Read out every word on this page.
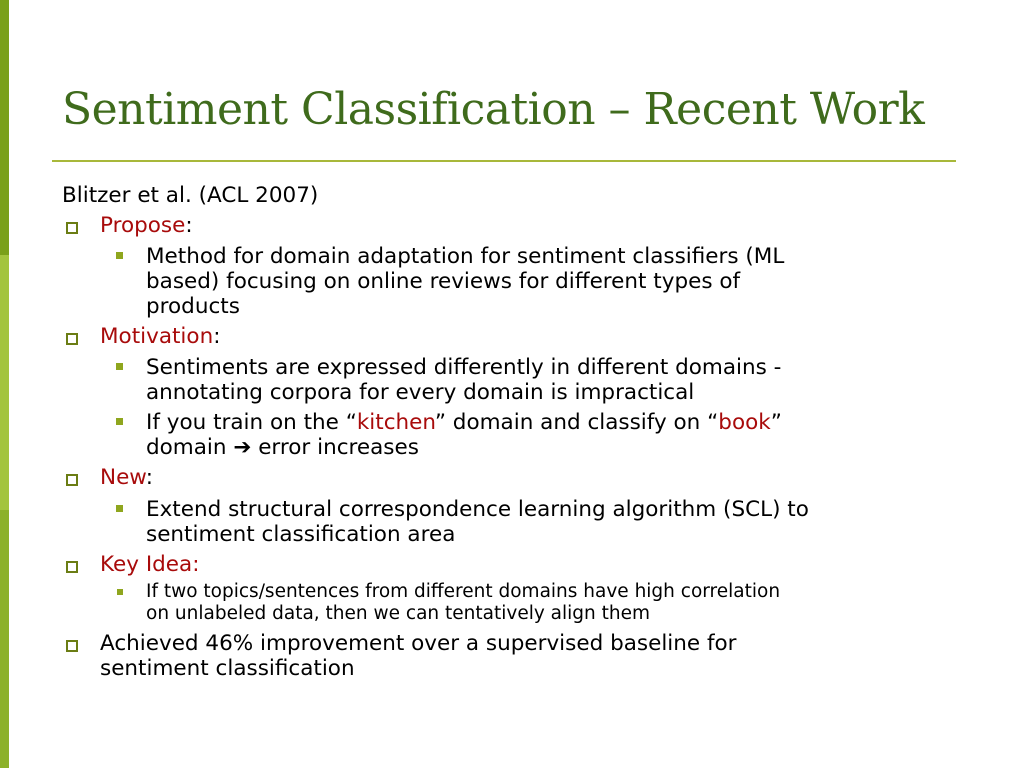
Sentiment Classification – Recent Work
Blitzer et al. (ACL 2007)
Propose:
Method for domain adaptation for sentiment classifiers (ML
based) focusing on online reviews for different types of
products
Motivation:
Sentiments are expressed differently in different domains -
annotating corpora for every domain is impractical
If you train on the “kitchen” domain and classify on “book”
domain ➔ error increases
New:
Extend structural correspondence learning algorithm (SCL) to
sentiment classification area
Key Idea:
If two topics/sentences from different domains have high correlation
on unlabeled data, then we can tentatively align them
Achieved 46% improvement over a supervised baseline for
sentiment classification
